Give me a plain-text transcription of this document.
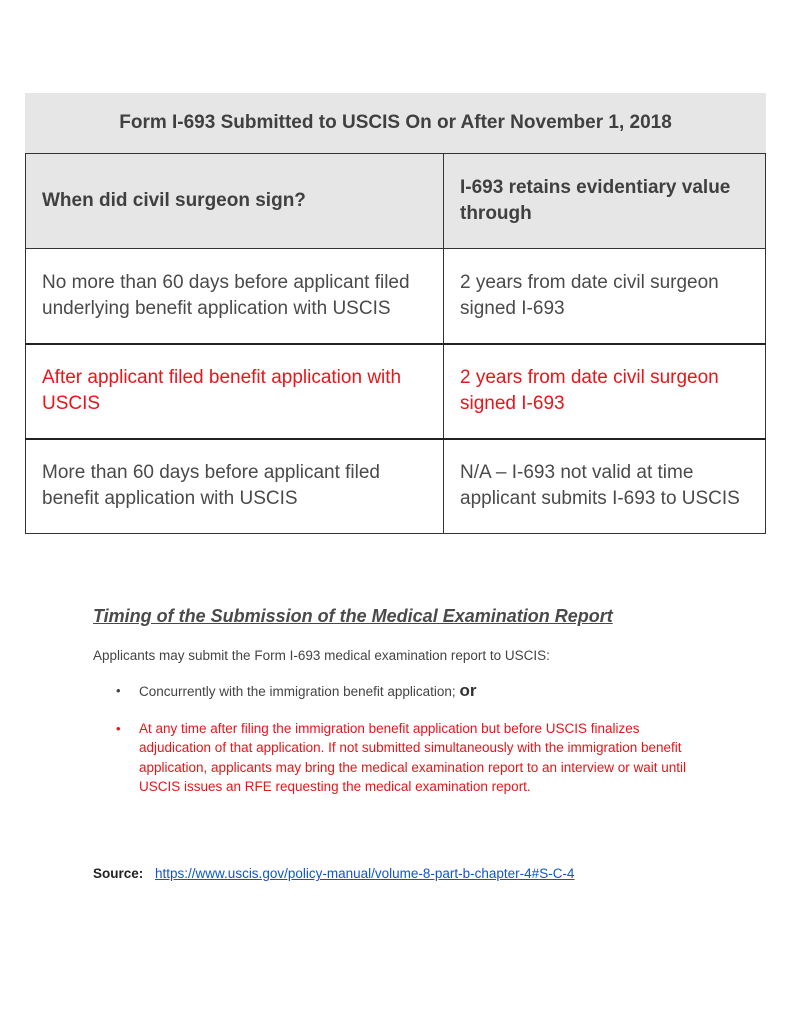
Form I-693 Submitted to USCIS On or After November 1, 2018
When did civil surgeon sign?	I-693 retains evidentiary value through
No more than 60 days before applicant filed underlying benefit application with USCIS	2 years from date civil surgeon signed I-693
After applicant filed benefit application with USCIS	2 years from date civil surgeon signed I-693
More than 60 days before applicant filed benefit application with USCIS	N/A – I-693 not valid at time applicant submits I-693 to USCIS
Timing of the Submission of the Medical Examination Report

Applicants may submit the Form I-693 medical examination report to USCIS:

• Concurrently with the immigration benefit application; or
• At any time after filing the immigration benefit application but before USCIS finalizes adjudication of that application. If not submitted simultaneously with the immigration benefit application, applicants may bring the medical examination report to an interview or wait until USCIS issues an RFE requesting the medical examination report.
Source: https://www.uscis.gov/policy-manual/volume-8-part-b-chapter-4#S-C-4
